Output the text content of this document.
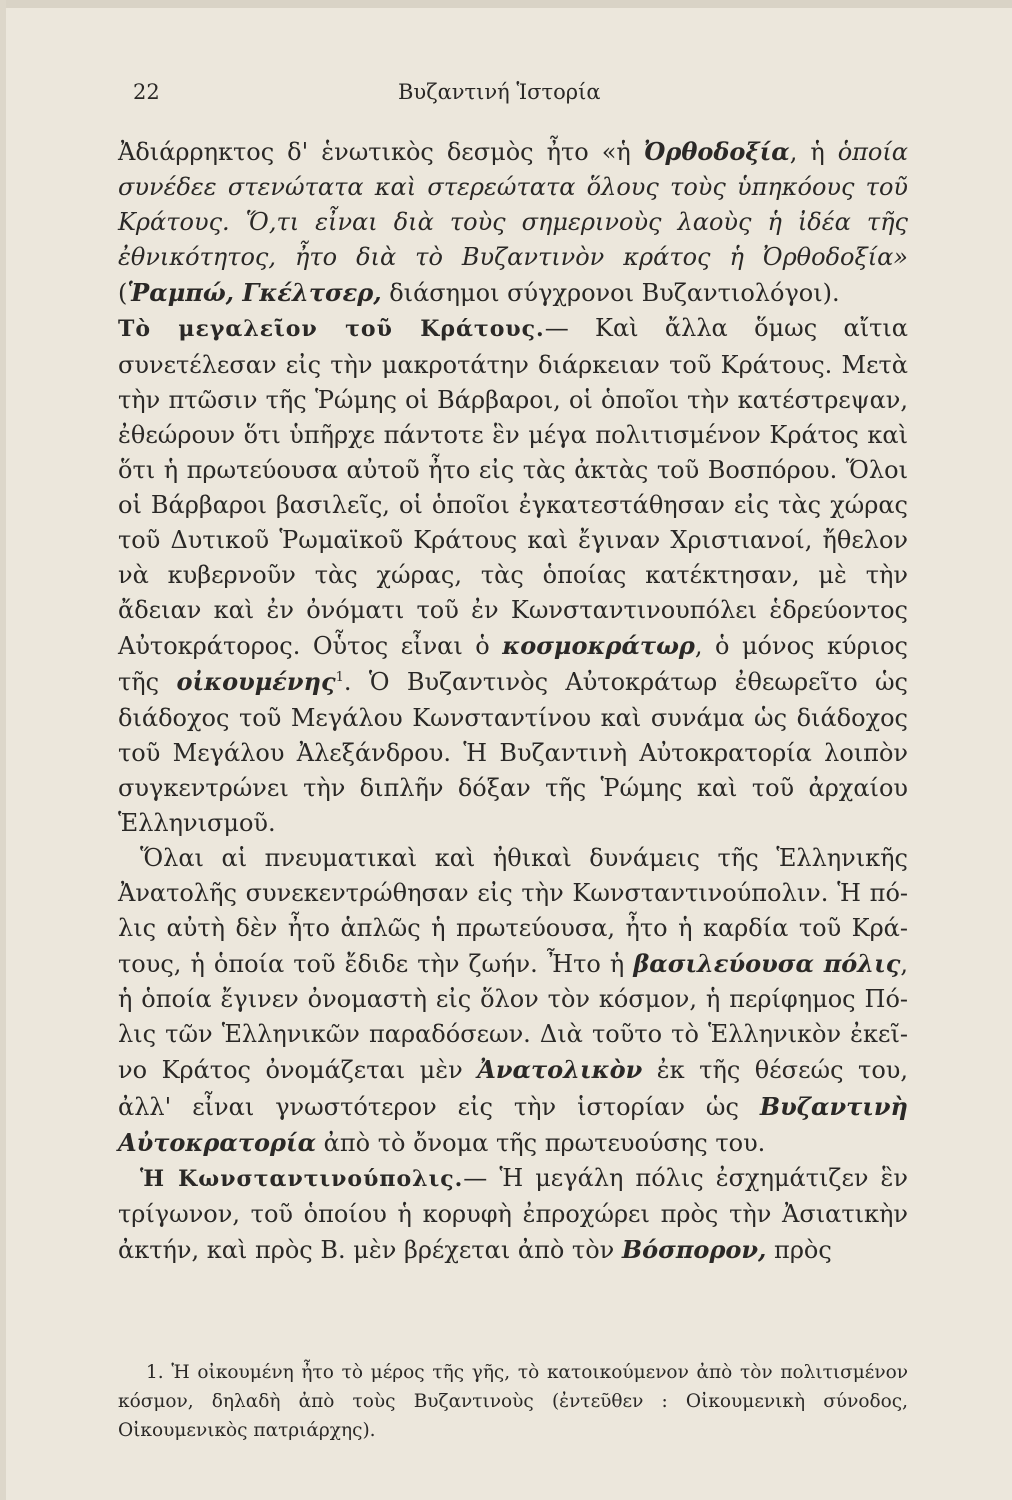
22	Βυζαντινή Ἱστορία

Ἀδιάρρηκτος δ' ἑνωτικὸς δεσμὸς ἦτο «ἡ Ὀρθοδοξία, ἡ ὁποία συνέδεε στενώτατα καὶ στερεώτατα ὅλους τοὺς ὑπηκόους τοῦ Κράτους. Ὅ,τι εἶναι διὰ τοὺς σημερινοὺς λαοὺς ἡ ἰδέα τῆς ἐθνικότητος, ἦτο διὰ τὸ Βυζαντινὸν κράτος ἡ Ὀρθοδοξία» (Ῥαμπώ, Γκέλτσερ, διάσημοι σύγχρονοι Βυζαντιολόγοι).

Τὸ μεγαλεῖον τοῦ Κράτους.— Καὶ ἄλλα ὅμως αἴτια συνετέλεσαν εἰς τὴν μακροτάτην διάρκειαν τοῦ Κράτους. Μετὰ τὴν πτῶσιν τῆς Ῥώμης οἱ Βάρβαροι, οἱ ὁποῖοι τὴν κατέστρεψαν, ἐθεώρουν ὅτι ὑπῆρχε πάντοτε ἓν μέγα πολιτισμένον Κράτος καὶ ὅτι ἡ πρωτεύουσα αὐτοῦ ἦτο εἰς τὰς ἀκτὰς τοῦ Βοσπόρου. Ὅλοι οἱ Βάρβαροι βασιλεῖς, οἱ ὁποῖοι ἐγκατεστάθησαν εἰς τὰς χώρας τοῦ Δυτικοῦ Ῥωμαϊκοῦ Κράτους καὶ ἔγιναν Χριστιανοί, ἤθελον νὰ κυβερνοῦν τὰς χώρας, τὰς ὁποίας κατέκτησαν, μὲ τὴν ἄδειαν καὶ ἐν ὀνόματι τοῦ ἐν Κωνσταντινουπόλει ἑδρεύοντος Αὐτοκράτορος. Οὗτος εἶναι ὁ κοσμοκράτωρ, ὁ μόνος κύριος τῆς οἰκουμένης$^1$. Ὁ Βυζαντινὸς Αὐτοκράτωρ ἐθεωρεῖτο ὡς διάδοχος τοῦ Μεγάλου Κωνσταντίνου καὶ συνάμα ὡς διάδοχος τοῦ Μεγάλου Ἀλεξάνδρου. Ἡ Βυζαντινὴ Αὐτοκρατορία λοιπὸν συγκεντρώνει τὴν διπλῆν δόξαν τῆς Ῥώμης καὶ τοῦ ἀρχαίου Ἑλληνισμοῦ.

Ὅλαι αἱ πνευματικαὶ καὶ ἠθικαὶ δυνάμεις τῆς Ἑλληνικῆς Ἀνατολῆς συνεκεντρώθησαν εἰς τὴν Κωνσταντινούπολιν. Ἡ πόλις αὐτὴ δὲν ἦτο ἁπλῶς ἡ πρωτεύουσα, ἦτο ἡ καρδία τοῦ Κράτους, ἡ ὁποία τοῦ ἔδιδε τὴν ζωήν. Ἦτο ἡ βασιλεύουσα πόλις, ἡ ὁποία ἔγινεν ὀνομαστὴ εἰς ὅλον τὸν κόσμον, ἡ περίφημος Πόλις τῶν Ἑλληνικῶν παραδόσεων. Διὰ τοῦτο τὸ Ἑλληνικὸν ἐκεῖνο Κράτος ὀνομάζεται μὲν Ἀνατολικὸν ἐκ τῆς θέσεώς του, ἀλλ' εἶναι γνωστότερον εἰς τὴν ἱστορίαν ὡς Βυζαντινὴ Αὐτοκρατορία ἀπὸ τὸ ὄνομα τῆς πρωτευούσης του.

Ἡ Κωνσταντινούπολις.— Ἡ μεγάλη πόλις ἐσχημάτιζεν ἓν τρίγωνον, τοῦ ὁποίου ἡ κορυφὴ ἐπροχώρει πρὸς τὴν Ἀσιατικὴν ἀκτήν, καὶ πρὸς Β. μὲν βρέχεται ἀπὸ τὸν Βόσπορον, πρὸς

1. Ἡ οἰκουμένη ἦτο τὸ μέρος τῆς γῆς, τὸ κατοικούμενον ἀπὸ τὸν πολιτισμένον κόσμον, δηλαδὴ ἀπὸ τοὺς Βυζαντινοὺς (ἐντεῦθεν : Οἰκουμενικὴ σύνοδος, Οἰκουμενικὸς πατριάρχης).
